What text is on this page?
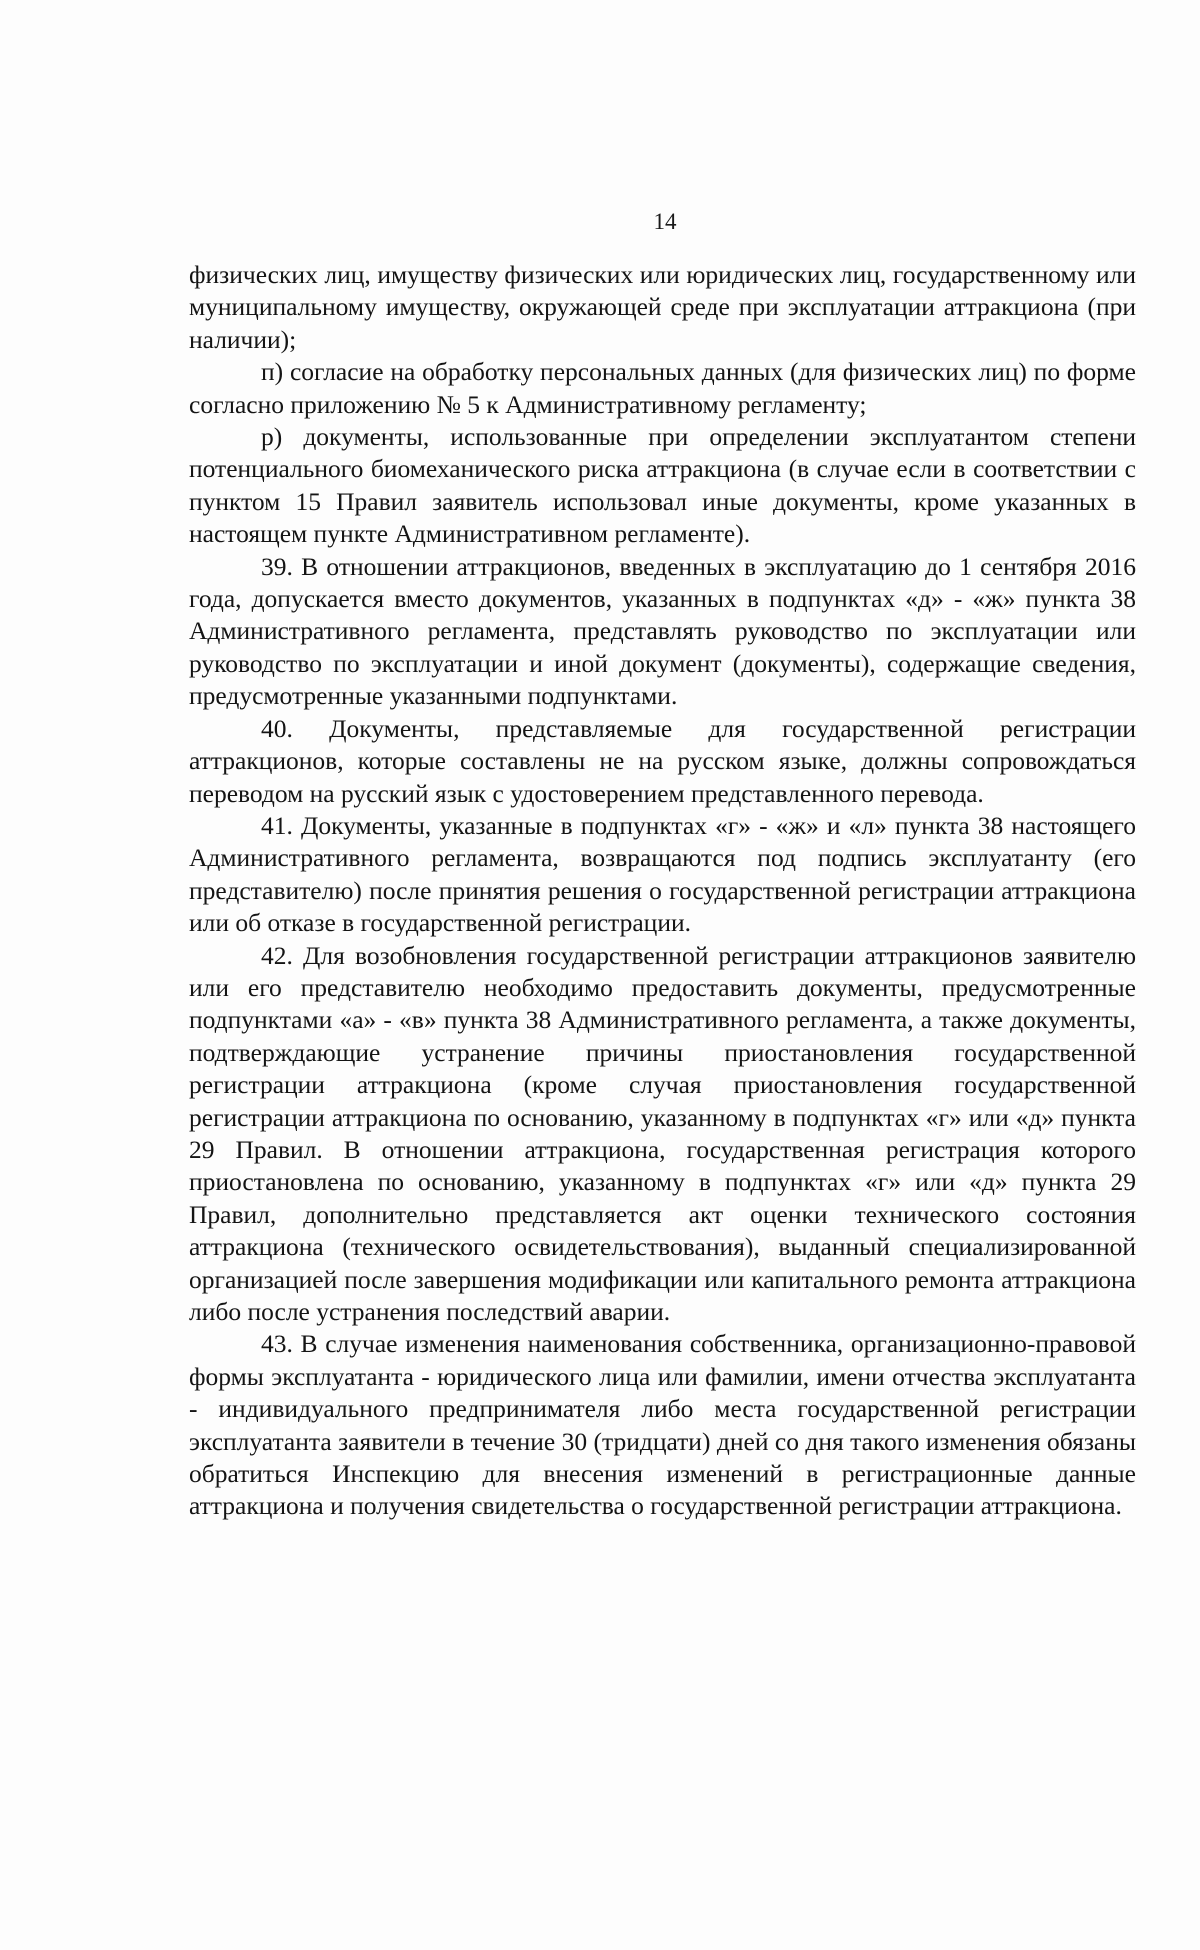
14

физических лиц, имуществу физических или юридических лиц, государственному или муниципальному имуществу, окружающей среде при эксплуатации аттракциона (при наличии);

п) согласие на обработку персональных данных (для физических лиц) по форме согласно приложению № 5 к Административному регламенту;

р) документы, использованные при определении эксплуатантом степени потенциального биомеханического риска аттракциона (в случае если в соответствии с пунктом 15 Правил заявитель использовал иные документы, кроме указанных в настоящем пункте Административном регламенте).

39. В отношении аттракционов, введенных в эксплуатацию до 1 сентября 2016 года, допускается вместо документов, указанных в подпунктах «д» - «ж» пункта 38 Административного регламента, представлять руководство по эксплуатации или руководство по эксплуатации и иной документ (документы), содержащие сведения, предусмотренные указанными подпунктами.

40. Документы, представляемые для государственной регистрации аттракционов, которые составлены не на русском языке, должны сопровождаться переводом на русский язык с удостоверением представленного перевода.

41. Документы, указанные в подпунктах «г» - «ж» и «л» пункта 38 настоящего Административного регламента, возвращаются под подпись эксплуатанту (его представителю) после принятия решения о государственной регистрации аттракциона или об отказе в государственной регистрации.

42. Для возобновления государственной регистрации аттракционов заявителю или его представителю необходимо предоставить документы, предусмотренные подпунктами «а» - «в» пункта 38 Административного регламента, а также документы, подтверждающие устранение причины приостановления государственной регистрации аттракциона (кроме случая приостановления государственной регистрации аттракциона по основанию, указанному в подпунктах «г» или «д» пункта 29 Правил. В отношении аттракциона, государственная регистрация которого приостановлена по основанию, указанному в подпунктах «г» или «д» пункта 29 Правил, дополнительно представляется акт оценки технического состояния аттракциона (технического освидетельствования), выданный специализированной организацией после завершения модификации или капитального ремонта аттракциона либо после устранения последствий аварии.

43. В случае изменения наименования собственника, организационно-правовой формы эксплуатанта - юридического лица или фамилии, имени отчества эксплуатанта - индивидуального предпринимателя либо места государственной регистрации эксплуатанта заявители в течение 30 (тридцати) дней со дня такого изменения обязаны обратиться Инспекцию для внесения изменений в регистрационные данные аттракциона и получения свидетельства о государственной регистрации аттракциона.
